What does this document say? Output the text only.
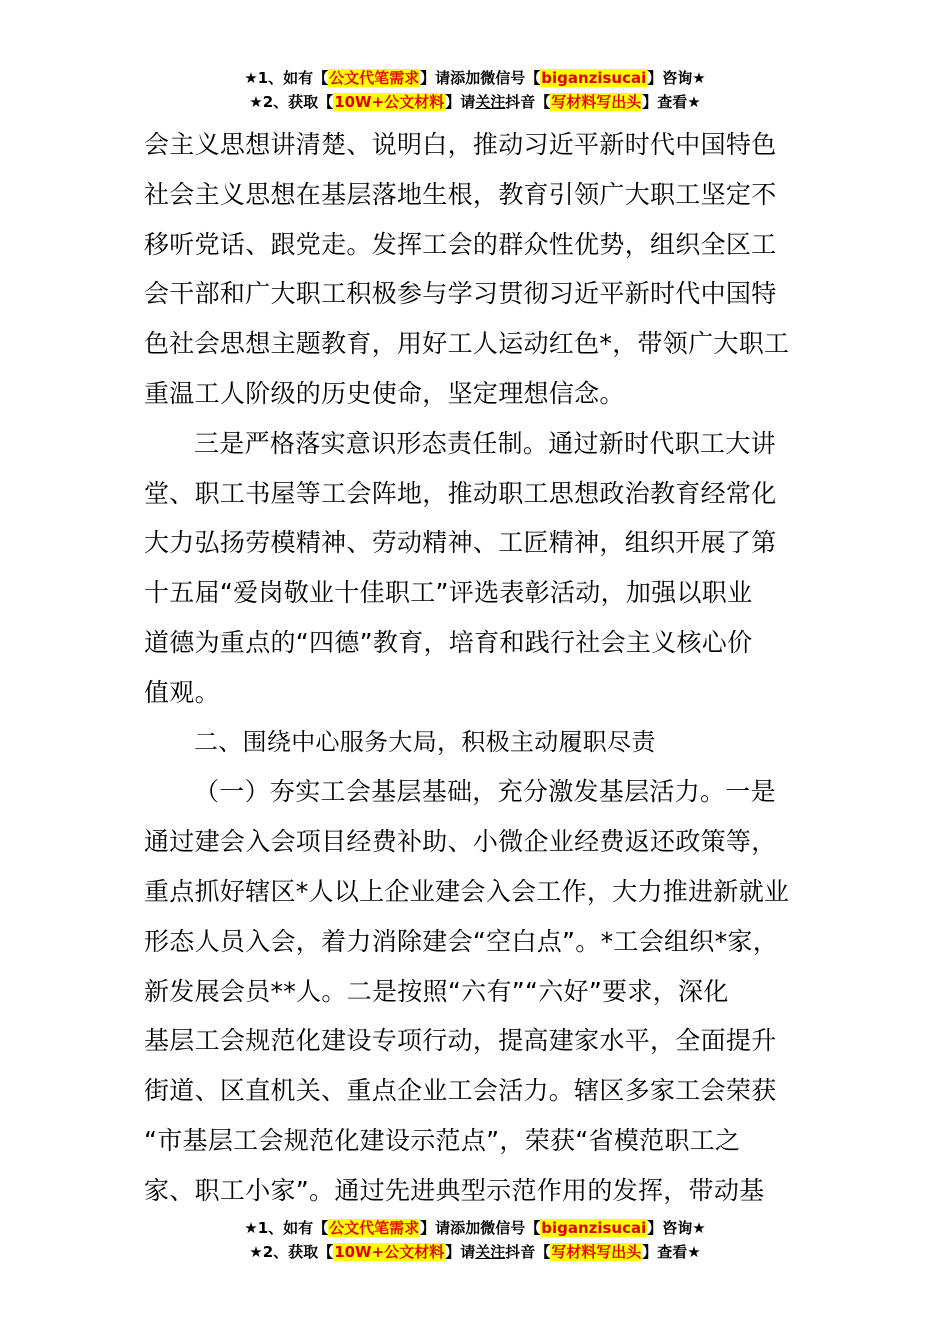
★1、如有【公文代笔需求】请添加微信号【biganzisucai】咨询★
★2、获取【10W+公文材料】请关注抖音【写材料写出头】查看★
会主义思想讲清楚、说明白，推动习近平新时代中国特色
社会主义思想在基层落地生根，教育引领广大职工坚定不
移听党话、跟党走。发挥工会的群众性优势，组织全区工
会干部和广大职工积极参与学习贯彻习近平新时代中国特
色社会思想主题教育，用好工人运动红色*，带领广大职工
重温工人阶级的历史使命，坚定理想信念。
三是严格落实意识形态责任制。通过新时代职工大讲
堂、职工书屋等工会阵地，推动职工思想政治教育经常化
大力弘扬劳模精神、劳动精神、工匠精神，组织开展了第
十五届“爱岗敬业十佳职工”评选表彰活动，加强以职业
道德为重点的“四德”教育，培育和践行社会主义核心价
值观。
二、围绕中心服务大局，积极主动履职尽责
（一）夯实工会基层基础，充分激发基层活力。一是
通过建会入会项目经费补助、小微企业经费返还政策等，
重点抓好辖区*人以上企业建会入会工作，大力推进新就业
形态人员入会，着力消除建会“空白点”。*工会组织*家，
新发展会员**人。二是按照“六有”“六好”要求，深化
基层工会规范化建设专项行动，提高建家水平，全面提升
街道、区直机关、重点企业工会活力。辖区多家工会荣获
“市基层工会规范化建设示范点”，荣获“省模范职工之
家、职工小家”。通过先进典型示范作用的发挥，带动基
★1、如有【公文代笔需求】请添加微信号【biganzisucai】咨询★
★2、获取【10W+公文材料】请关注抖音【写材料写出头】查看★
